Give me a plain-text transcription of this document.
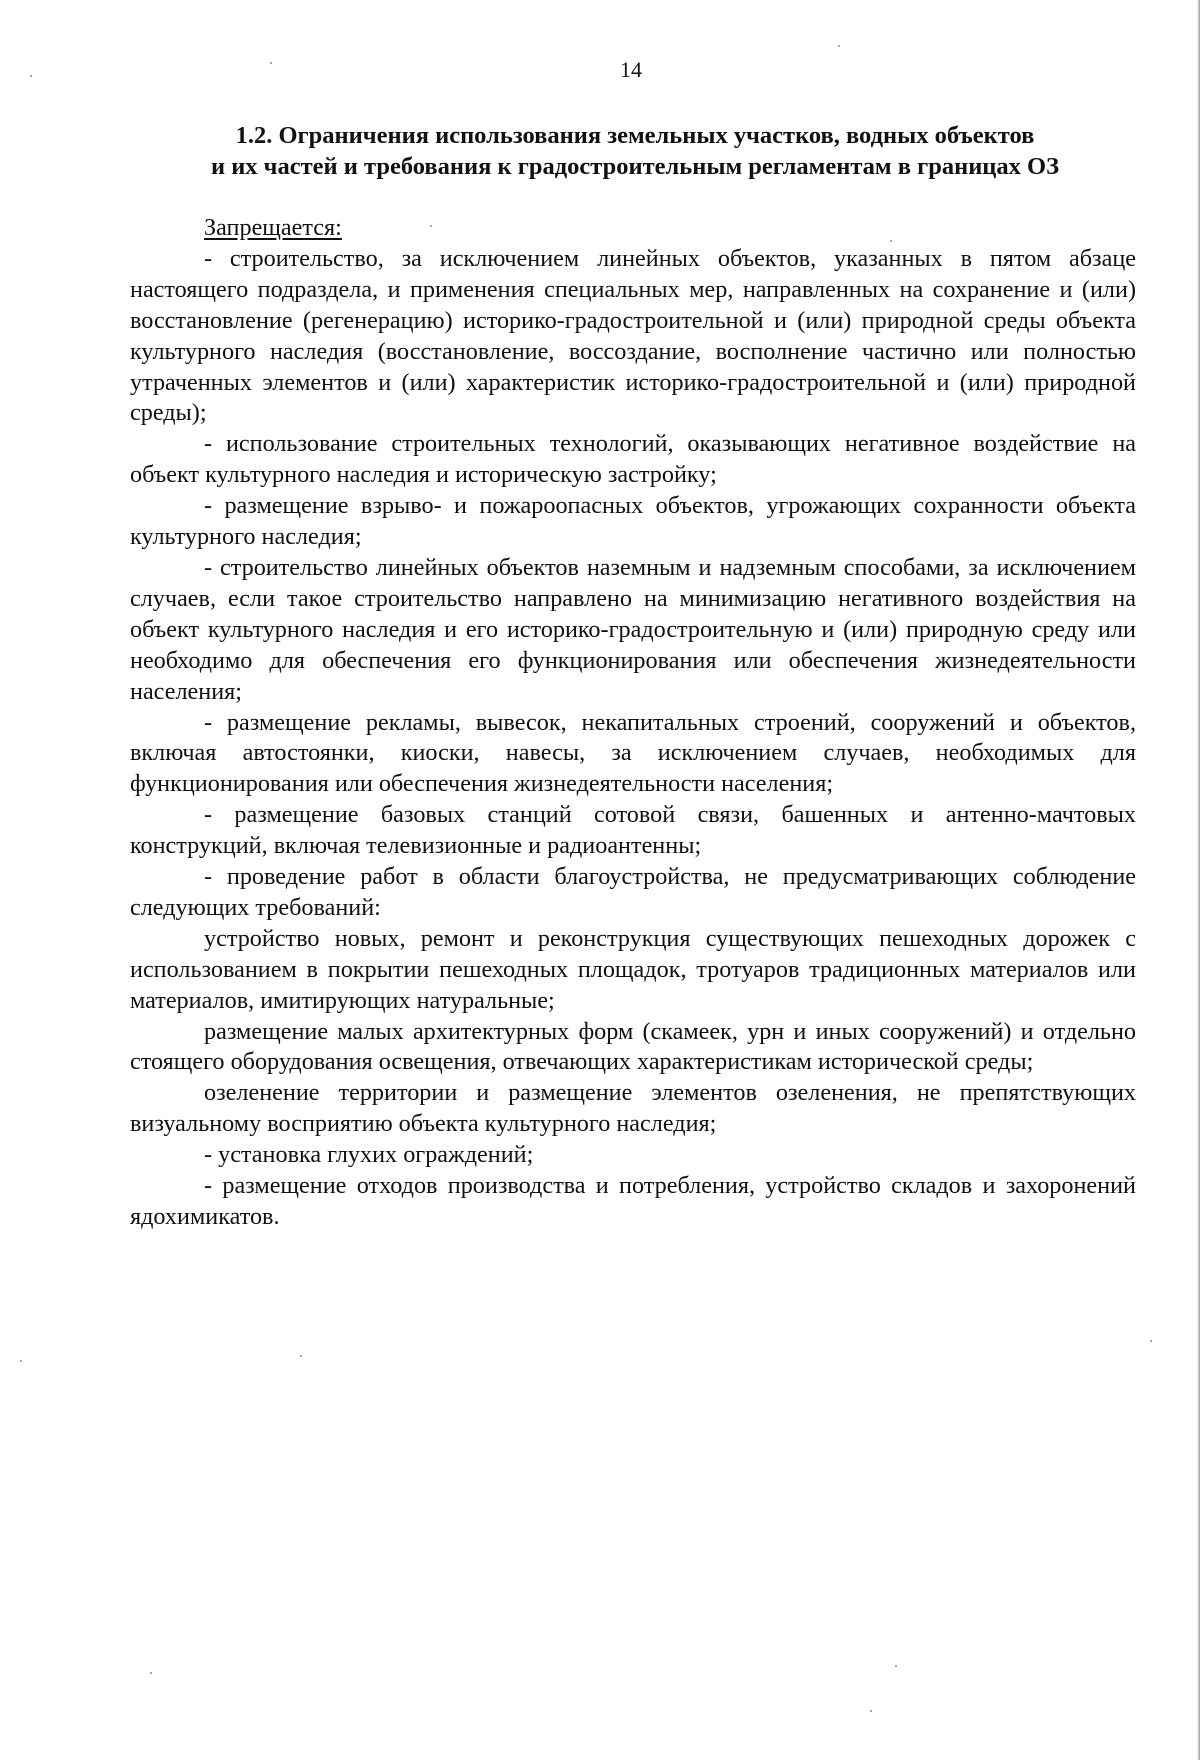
14
1.2. Ограничения использования земельных участков, водных объектов
и их частей и требования к градостроительным регламентам в границах ОЗ

Запрещается:

- строительство, за исключением линейных объектов, указанных в пятом абзаце настоящего подраздела, и применения специальных мер, направленных на сохранение и (или) восстановление (регенерацию) историко-градостроительной и (или) природной среды объекта культурного наследия (восстановление, воссоздание, восполнение частично или полностью утраченных элементов и (или) характеристик историко-градостроительной и (или) природной среды);

- использование строительных технологий, оказывающих негативное воздействие на объект культурного наследия и историческую застройку;

- размещение взрыво- и пожароопасных объектов, угрожающих сохранности объекта культурного наследия;

- строительство линейных объектов наземным и надземным способами, за исключением случаев, если такое строительство направлено на минимизацию негативного воздействия на объект культурного наследия и его историко-градостроительную и (или) природную среду или необходимо для обеспечения его функционирования или обеспечения жизнедеятельности населения;

- размещение рекламы, вывесок, некапитальных строений, сооружений и объектов, включая автостоянки, киоски, навесы, за исключением случаев, необходимых для функционирования или обеспечения жизнедеятельности населения;

- размещение базовых станций сотовой связи, башенных и антенно-мачтовых конструкций, включая телевизионные и радиоантенны;

- проведение работ в области благоустройства, не предусматривающих соблюдение следующих требований:

устройство новых, ремонт и реконструкция существующих пешеходных дорожек с использованием в покрытии пешеходных площадок, тротуаров традиционных материалов или материалов, имитирующих натуральные;

размещение малых архитектурных форм (скамеек, урн и иных сооружений) и отдельно стоящего оборудования освещения, отвечающих характеристикам исторической среды;

озеленение территории и размещение элементов озеленения, не препятствующих визуальному восприятию объекта культурного наследия;

- установка глухих ограждений;

- размещение отходов производства и потребления, устройство складов и захоронений ядохимикатов.
